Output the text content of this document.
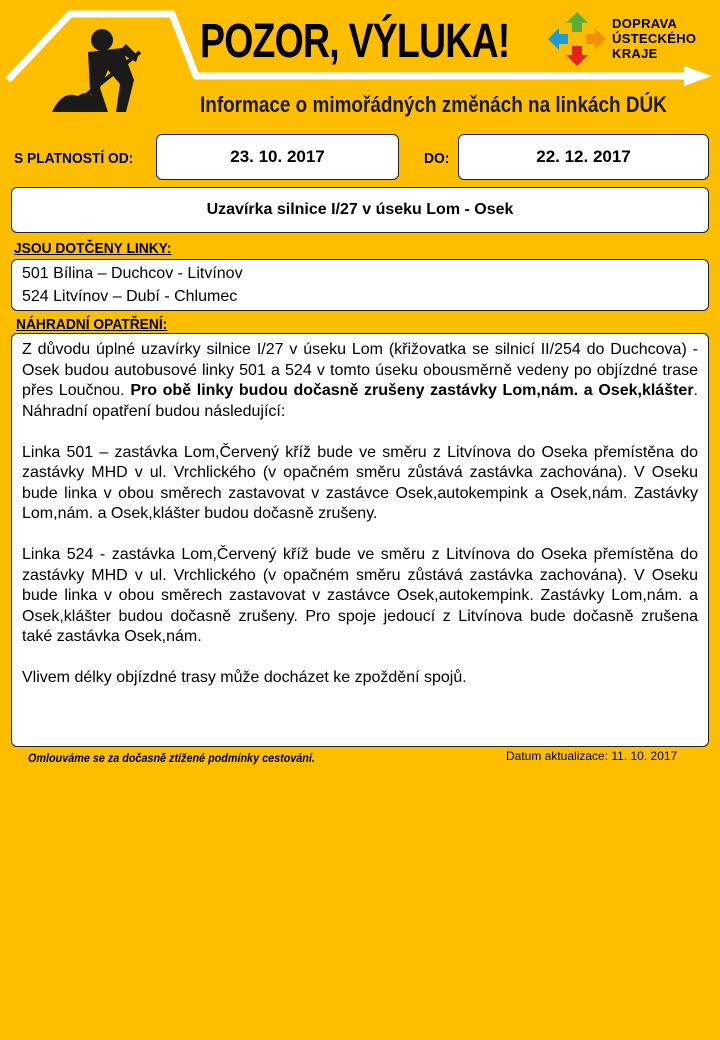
POZOR, VÝLUKA!
Informace o mimořádných změnách na linkách DÚK
DOPRAVA
ÚSTECKÉHO
KRAJE
S PLATNOSTÍ OD:	23. 10. 2017	DO:	22. 12. 2017
Uzavírka silnice I/27 v úseku Lom - Osek
JSOU DOTČENY LINKY:
501 Bílina – Duchcov - Litvínov
524 Litvínov – Dubí - Chlumec
NÁHRADNÍ OPATŘENÍ:

Z důvodu úplné uzavírky silnice I/27 v úseku Lom (křižovatka se silnicí II/254 do Duchcova) - Osek budou autobusové linky 501 a 524 v tomto úseku obousměrně vedeny po objízdné trase přes Loučnou. Pro obě linky budou dočasně zrušeny zastávky Lom,nám. a Osek,klášter. Náhradní opatření budou následující:

Linka 501 – zastávka Lom,Červený kříž bude ve směru z Litvínova do Oseka přemístěna do zastávky MHD v ul. Vrchlického (v opačném směru zůstává zastávka zachována). V Oseku bude linka v obou směrech zastavovat v zastávce Osek,autokempink a Osek,nám. Zastávky Lom,nám. a Osek,klášter budou dočasně zrušeny.

Linka 524 - zastávka Lom,Červený kříž bude ve směru z Litvínova do Oseka přemístěna do zastávky MHD v ul. Vrchlického (v opačném směru zůstává zastávka zachována). V Oseku bude linka v obou směrech zastavovat v zastávce Osek,autokempink. Zastávky Lom,nám. a Osek,klášter budou dočasně zrušeny. Pro spoje jedoucí z Litvínova bude dočasně zrušena také zastávka Osek,nám.

Vlivem délky objízdné trasy může docházet ke zpoždění spojů.

Omlouváme se za dočasně ztížené podmínky cestování.	Datum aktualizace: 11. 10. 2017
